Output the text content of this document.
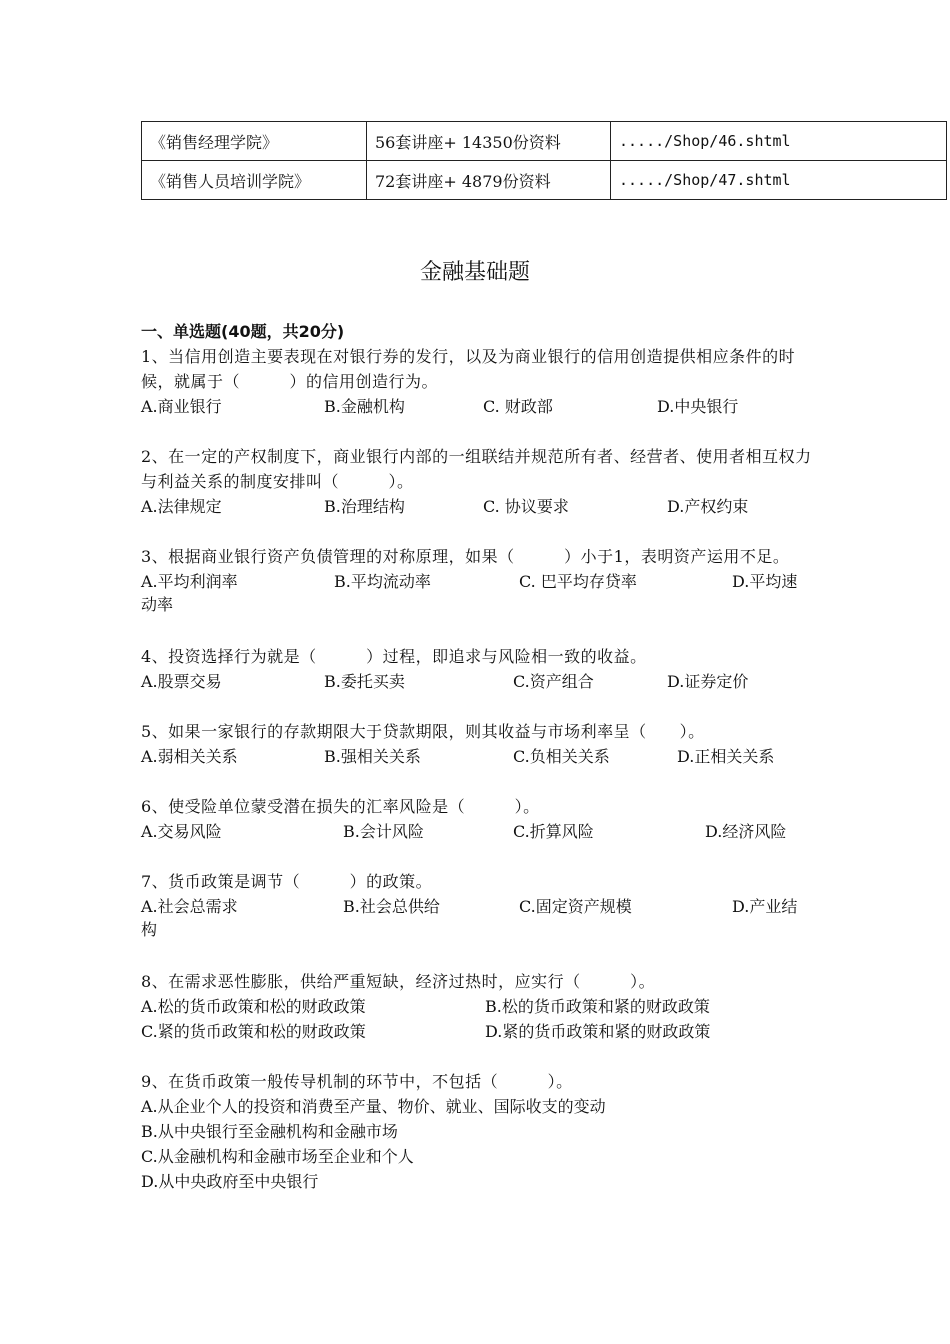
《销售经理学院》	56套讲座+ 14350份资料	...../Shop/46.shtml
《销售人员培训学院》	72套讲座+ 4879份资料	...../Shop/47.shtml
金融基础题
一、单选题(40题，共20分)
1、当信用创造主要表现在对银行券的发行，以及为商业银行的信用创造提供相应条件的时候，就属于（　　　）的信用创造行为。
A.商业银行	B.金融机构	C. 财政部	D.中央银行
2、在一定的产权制度下，商业银行内部的一组联结并规范所有者、经营者、使用者相互权力与利益关系的制度安排叫（　　　）。
A.法律规定	B.治理结构	C. 协议要求	D.产权约束
3、根据商业银行资产负债管理的对称原理，如果（　　　）小于1，表明资产运用不足。
A.平均利润率	B.平均流动率	C. 巴平均存贷率	D.平均速动率
4、投资选择行为就是（　　　）过程，即追求与风险相一致的收益。
A.股票交易	B.委托买卖	C.资产组合	D.证券定价
5、如果一家银行的存款期限大于贷款期限，则其收益与市场利率呈（　　）。
A.弱相关关系	B.强相关关系	C.负相关关系	D.正相关关系
6、使受险单位蒙受潜在损失的汇率风险是（　　　）。
A.交易风险	B.会计风险	C.折算风险	D.经济风险
7、货币政策是调节（　　　）的政策。
A.社会总需求	B.社会总供给	C.固定资产规模	D.产业结构
8、在需求恶性膨胀，供给严重短缺，经济过热时，应实行（　　　）。
A.松的货币政策和松的财政政策	B.松的货币政策和紧的财政政策
C.紧的货币政策和松的财政政策	D.紧的货币政策和紧的财政政策
9、在货币政策一般传导机制的环节中，不包括（　　　）。
A.从企业个人的投资和消费至产量、物价、就业、国际收支的变动
B.从中央银行至金融机构和金融市场
C.从金融机构和金融市场至企业和个人
D.从中央政府至中央银行
